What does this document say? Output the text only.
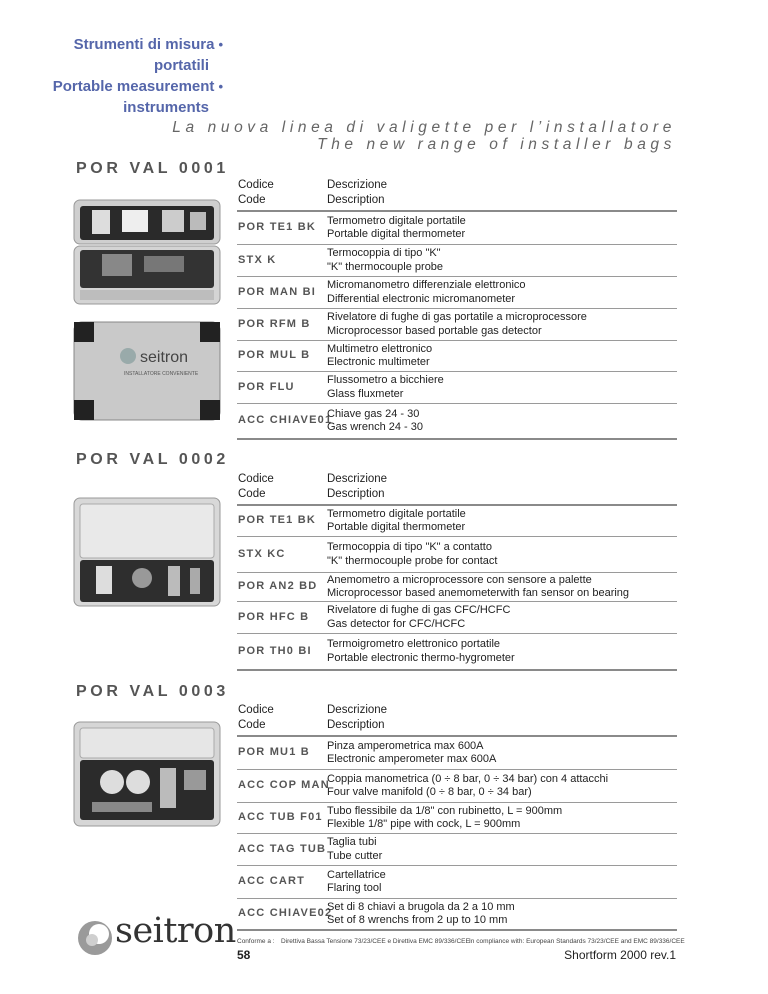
Strumenti di misura •
portatili
Portable measurement •
instruments
La nuova linea di valigette per l’installatore
The new range of installer bags
POR VAL 0001
seitron
INSTALLATORE CONVENIENTE
Codice
Code
Descrizione
Description
POR TE1 BK
Termometro digitale portatile
Portable digital thermometer
STX K
Termocoppia di tipo "K"
"K" thermocouple probe
POR MAN BI
Micromanometro differenziale elettronico
Differential electronic micromanometer
POR RFM B
Rivelatore di fughe di gas portatile a microprocessore
Microprocessor based portable gas detector
POR MUL B
Multimetro elettronico
Electronic multimeter
POR FLU
Flussometro a bicchiere
Glass fluxmeter
ACC CHIAVE01
Chiave gas 24 - 30
Gas wrench 24 - 30
POR VAL 0002
Codice
Code
Descrizione
Description
POR TE1 BK
Termometro digitale portatile
Portable digital thermometer
STX KC
Termocoppia di tipo "K" a contatto
"K" thermocouple probe for contact
POR AN2 BD
Anemometro a microprocessore con sensore a palette
Microprocessor based anemometerwith fan sensor on bearing
POR HFC B
Rivelatore di fughe di gas CFC/HCFC
Gas detector for CFC/HCFC
POR TH0 BI
Termoigrometro elettronico portatile
Portable electronic thermo-hygrometer
POR VAL 0003
Codice
Code
Descrizione
Description
POR MU1 B
Pinza amperometrica max 600A
Electronic amperometer max 600A
ACC COP MAN
Coppia manometrica (0 ÷ 8 bar, 0 ÷ 34 bar) con 4 attacchi
Four valve manifold (0 ÷ 8 bar, 0 ÷ 34 bar)
ACC TUB F01
Tubo flessibile da 1/8" con rubinetto, L = 900mm
Flexible 1/8" pipe with cock, L = 900mm
ACC TAG TUB
Taglia tubi
Tube cutter
ACC CART
Cartellatrice
Flaring tool
ACC CHIAVE02
Set di 8 chiavi a brugola da 2 a 10 mm
Set of 8 wrenchs from 2 up to 10 mm
seitron Conforme a : Direttiva Bassa Tensione 73/23/CEE e Direttiva EMC 89/336/CEE In compliance with: European Standards 73/23/CEE and EMC 89/336/CEE
58	Shortform 2000 rev.1
